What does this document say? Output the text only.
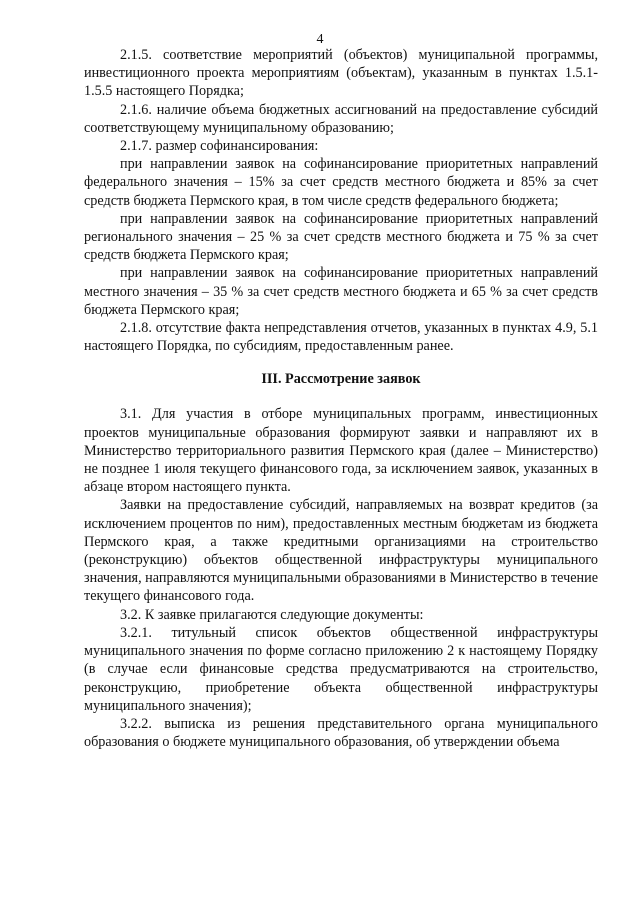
4

2.1.5. соответствие мероприятий (объектов) муниципальной программы, инвестиционного проекта мероприятиям (объектам), указанным в пунктах 1.5.1-1.5.5 настоящего Порядка;

2.1.6. наличие объема бюджетных ассигнований на предоставление субсидий соответствующему муниципальному образованию;

2.1.7. размер софинансирования:

при направлении заявок на софинансирование приоритетных направлений федерального значения – 15% за счет средств местного бюджета и 85% за счет средств бюджета Пермского края, в том числе средств федерального бюджета;

при направлении заявок на софинансирование приоритетных направлений регионального значения – 25 % за счет средств местного бюджета и 75 % за счет средств бюджета Пермского края;

при направлении заявок на софинансирование приоритетных направлений местного значения – 35 % за счет средств местного бюджета и 65 % за счет средств бюджета Пермского края;

2.1.8. отсутствие факта непредставления отчетов, указанных в пунктах 4.9, 5.1 настоящего Порядка, по субсидиям, предоставленным ранее.

III. Рассмотрение заявок

3.1. Для участия в отборе муниципальных программ, инвестиционных проектов муниципальные образования формируют заявки и направляют их в Министерство территориального развития Пермского края (далее – Министерство) не позднее 1 июля текущего финансового года, за исключением заявок, указанных в абзаце втором настоящего пункта.

Заявки на предоставление субсидий, направляемых на возврат кредитов (за исключением процентов по ним), предоставленных местным бюджетам из бюджета Пермского края, а также кредитными организациями на строительство (реконструкцию) объектов общественной инфраструктуры муниципального значения, направляются муниципальными образованиями в Министерство в течение текущего финансового года.

3.2. К заявке прилагаются следующие документы:

3.2.1. титульный список объектов общественной инфраструктуры муниципального значения по форме согласно приложению 2 к настоящему Порядку (в случае если финансовые средства предусматриваются на строительство, реконструкцию, приобретение объекта общественной инфраструктуры муниципального значения);

3.2.2. выписка из решения представительного органа муниципального образования о бюджете муниципального образования, об утверждении объема
